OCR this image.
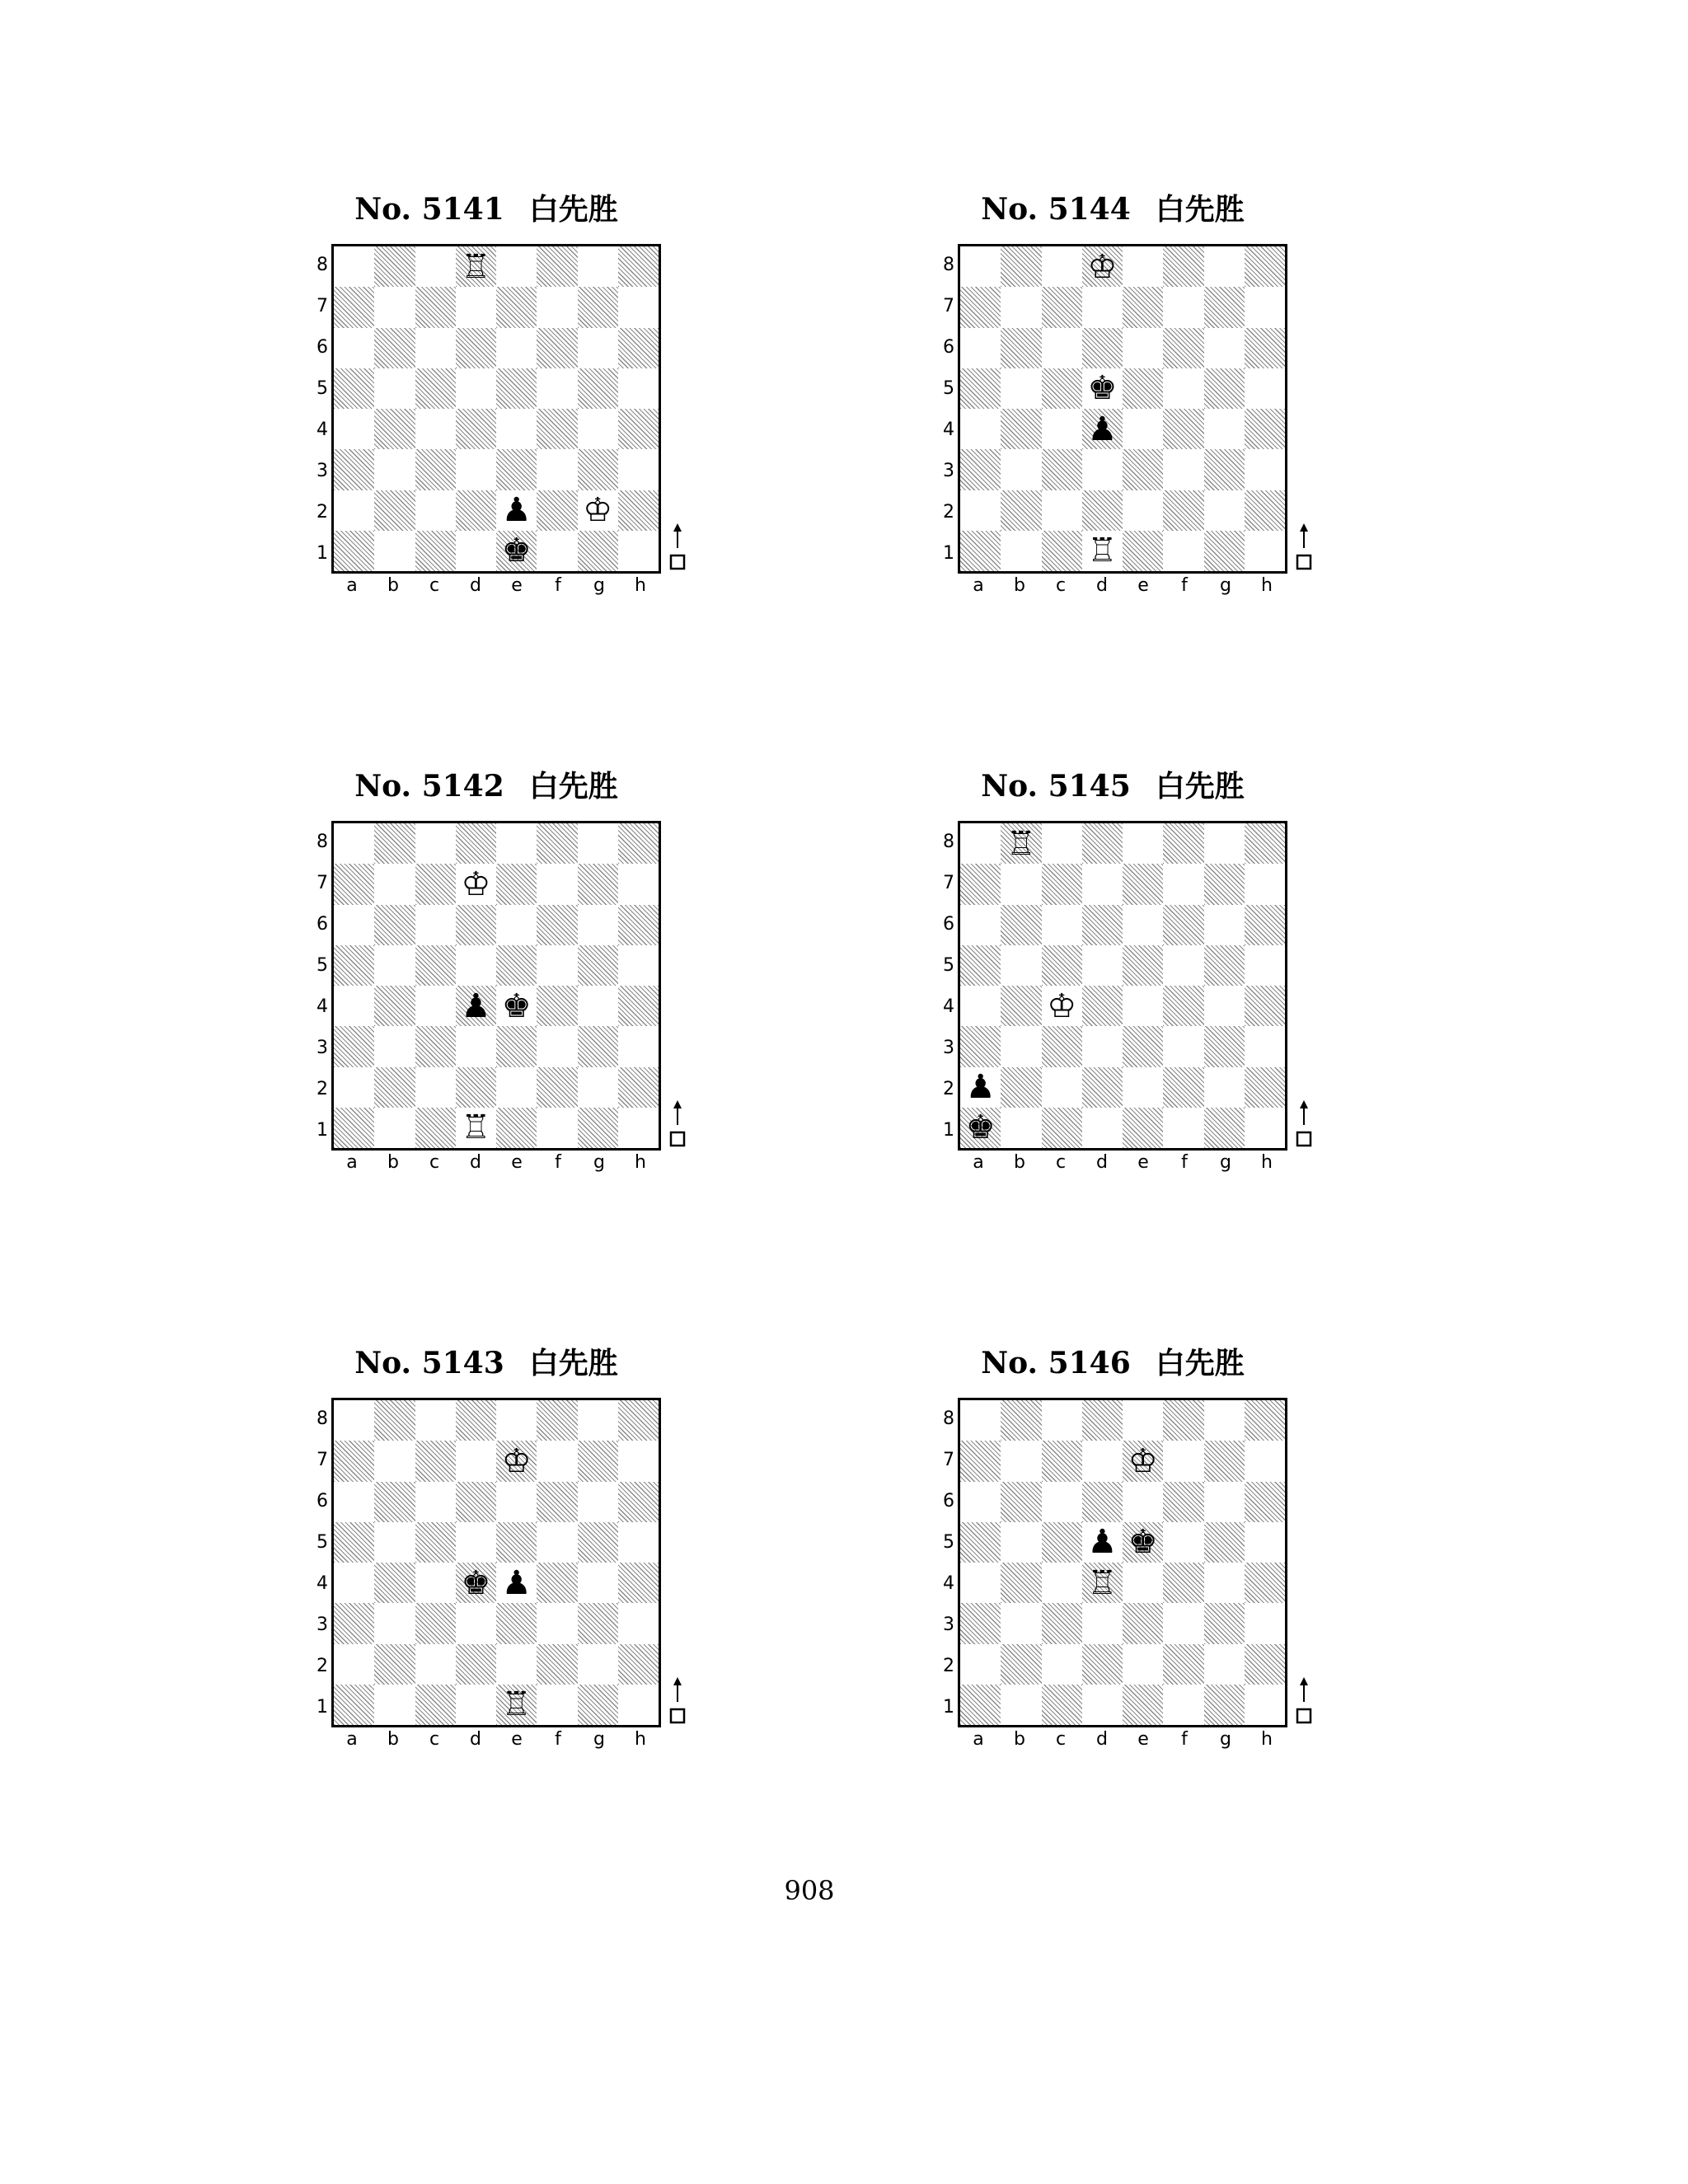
No. 5141 白先胜
8
7
6
5
4
3
2
1
♖
♟ ♔
♚
a	b	c	d	e	f	g	h
No. 5144 白先胜
8
7
6
5
4
3
2
1
♔
♚
♟
♖
a	b	c	d	e	f	g	h
No. 5142 白先胜
8
7
6
5
4
3
2
1
♔
♟ ♚
♖
a	b	c	d	e	f	g	h
No. 5145 白先胜
8
7
6
5
4
3
2
1
♖
♔
♟
♚
a	b	c	d	e	f	g	h
No. 5143 白先胜
8
7
6
5
4
3
2
1
♔
♚ ♟
♖
a	b	c	d	e	f	g	h
No. 5146 白先胜
8
7
6
5
4
3
2
1
♔
♟ ♚
♖
a	b	c	d	e	f	g	h
908
